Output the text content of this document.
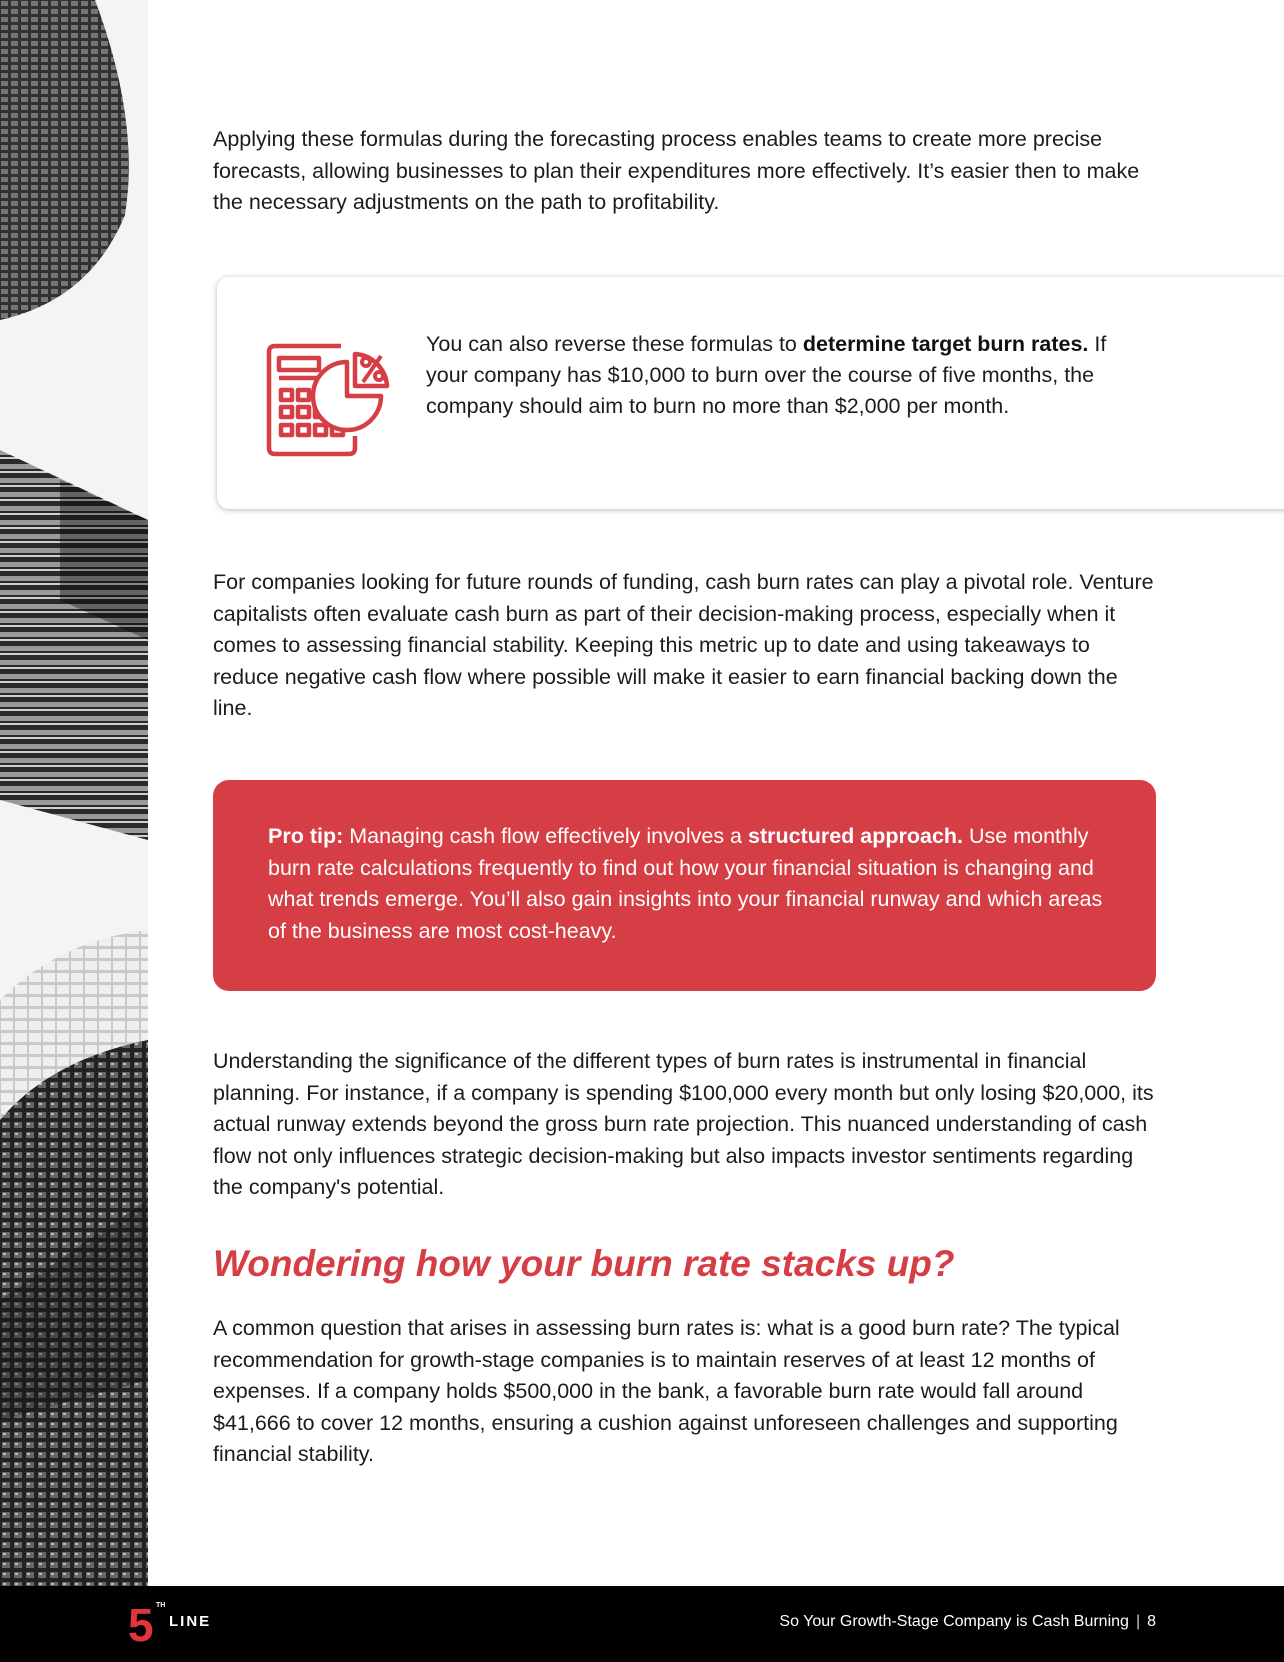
Applying these formulas during the forecasting process enables teams to create more precise forecasts, allowing businesses to plan their expenditures more effectively. It’s easier then to make the necessary adjustments on the path to profitability.

You can also reverse these formulas to determine target burn rates. If your company has $10,000 to burn over the course of five months, the company should aim to burn no more than $2,000 per month.

For companies looking for future rounds of funding, cash burn rates can play a pivotal role. Venture capitalists often evaluate cash burn as part of their decision-making process, especially when it comes to assessing financial stability. Keeping this metric up to date and using takeaways to reduce negative cash flow where possible will make it easier to earn financial backing down the line.

Pro tip: Managing cash flow effectively involves a structured approach. Use monthly burn rate calculations frequently to find out how your financial situation is changing and what trends emerge. You’ll also gain insights into your financial runway and which areas of the business are most cost-heavy.

Understanding the significance of the different types of burn rates is instrumental in financial planning. For instance, if a company is spending $100,000 every month but only losing $20,000, its actual runway extends beyond the gross burn rate projection. This nuanced understanding of cash flow not only influences strategic decision-making but also impacts investor sentiments regarding the company's potential.

Wondering how your burn rate stacks up?

A common question that arises in assessing burn rates is: what is a good burn rate? The typical recommendation for growth-stage companies is to maintain reserves of at least 12 months of expenses. If a company holds $500,000 in the bank, a favorable burn rate would fall around $41,666 to cover 12 months, ensuring a cushion against unforeseen challenges and supporting financial stability.

5 TH
LINE	So Your Growth-Stage Company is Cash Burning | 8
